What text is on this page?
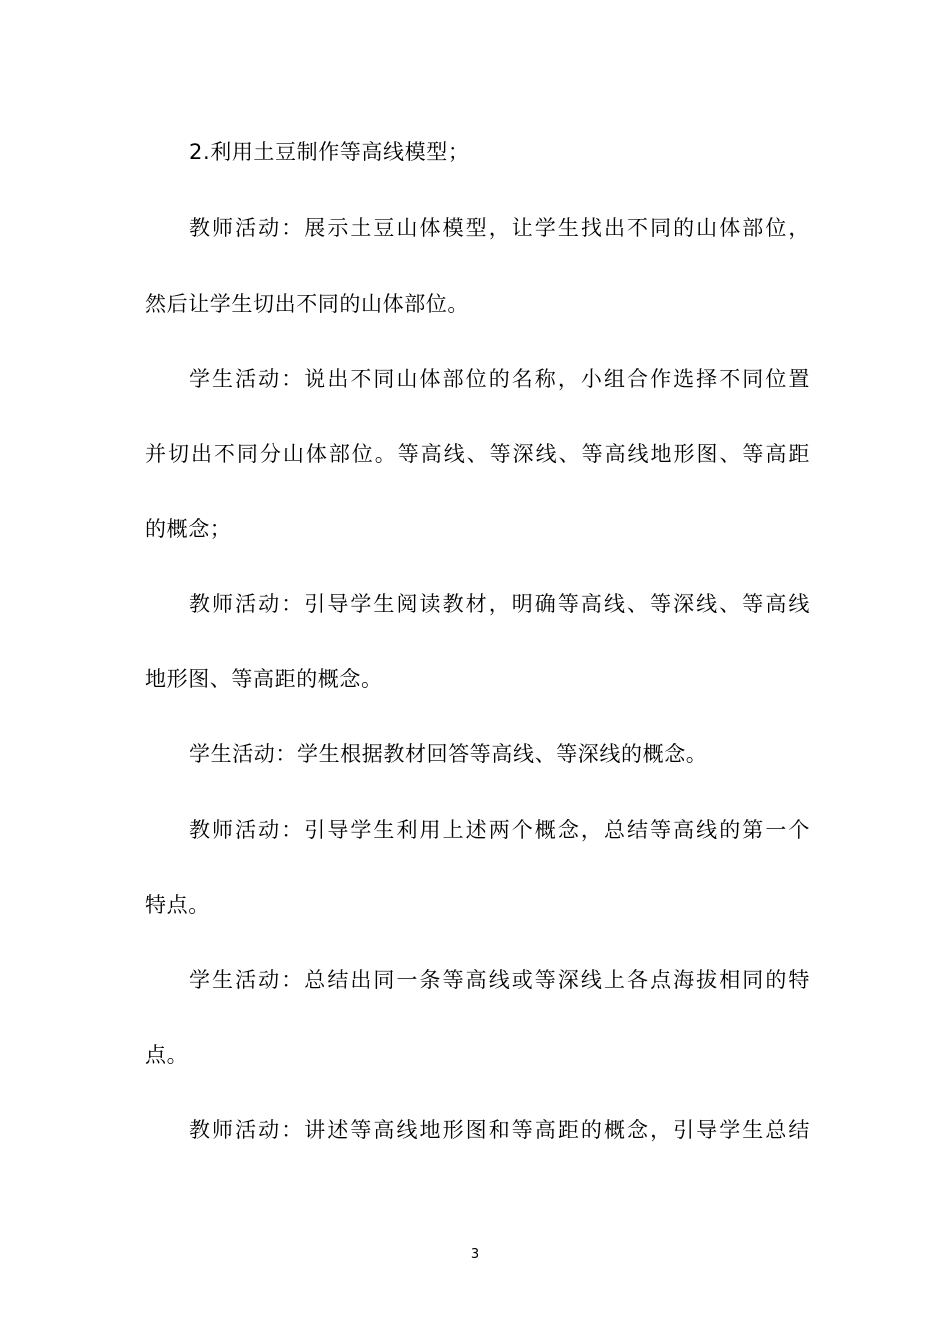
2.利用土豆制作等高线模型；
教师活动：展示土豆山体模型，让学生找出不同的山体部位，
然后让学生切出不同的山体部位。
学生活动：说出不同山体部位的名称，小组合作选择不同位置
并切出不同分山体部位。等高线、等深线、等高线地形图、等高距
的概念；
教师活动：引导学生阅读教材，明确等高线、等深线、等高线
地形图、等高距的概念。
学生活动：学生根据教材回答等高线、等深线的概念。
教师活动：引导学生利用上述两个概念，总结等高线的第一个
特点。
学生活动：总结出同一条等高线或等深线上各点海拔相同的特
点。
教师活动：讲述等高线地形图和等高距的概念，引导学生总结
3
